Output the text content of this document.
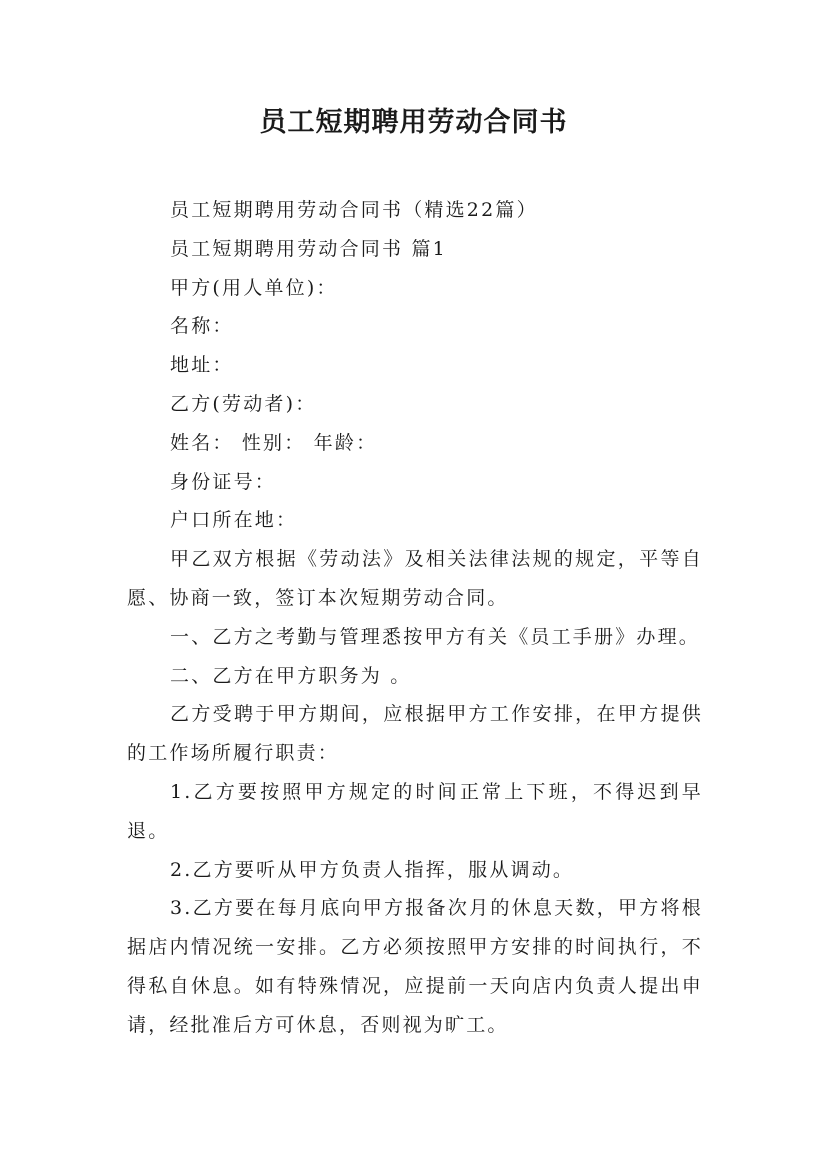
员工短期聘用劳动合同书

员工短期聘用劳动合同书（精选22篇）

员工短期聘用劳动合同书 篇1

甲方(用人单位)：

名称：

地址：

乙方(劳动者)：

姓名： 性别： 年龄：

身份证号：

户口所在地：

甲乙双方根据《劳动法》及相关法律法规的规定，平等自愿、协商一致，签订本次短期劳动合同。

一、乙方之考勤与管理悉按甲方有关《员工手册》办理。

二、乙方在甲方职务为 。

乙方受聘于甲方期间，应根据甲方工作安排，在甲方提供的工作场所履行职责：

1.乙方要按照甲方规定的时间正常上下班，不得迟到早退。

2.乙方要听从甲方负责人指挥，服从调动。

3.乙方要在每月底向甲方报备次月的休息天数，甲方将根据店内情况统一安排。乙方必须按照甲方安排的时间执行，不得私自休息。如有特殊情况，应提前一天向店内负责人提出申请，经批准后方可休息，否则视为旷工。
